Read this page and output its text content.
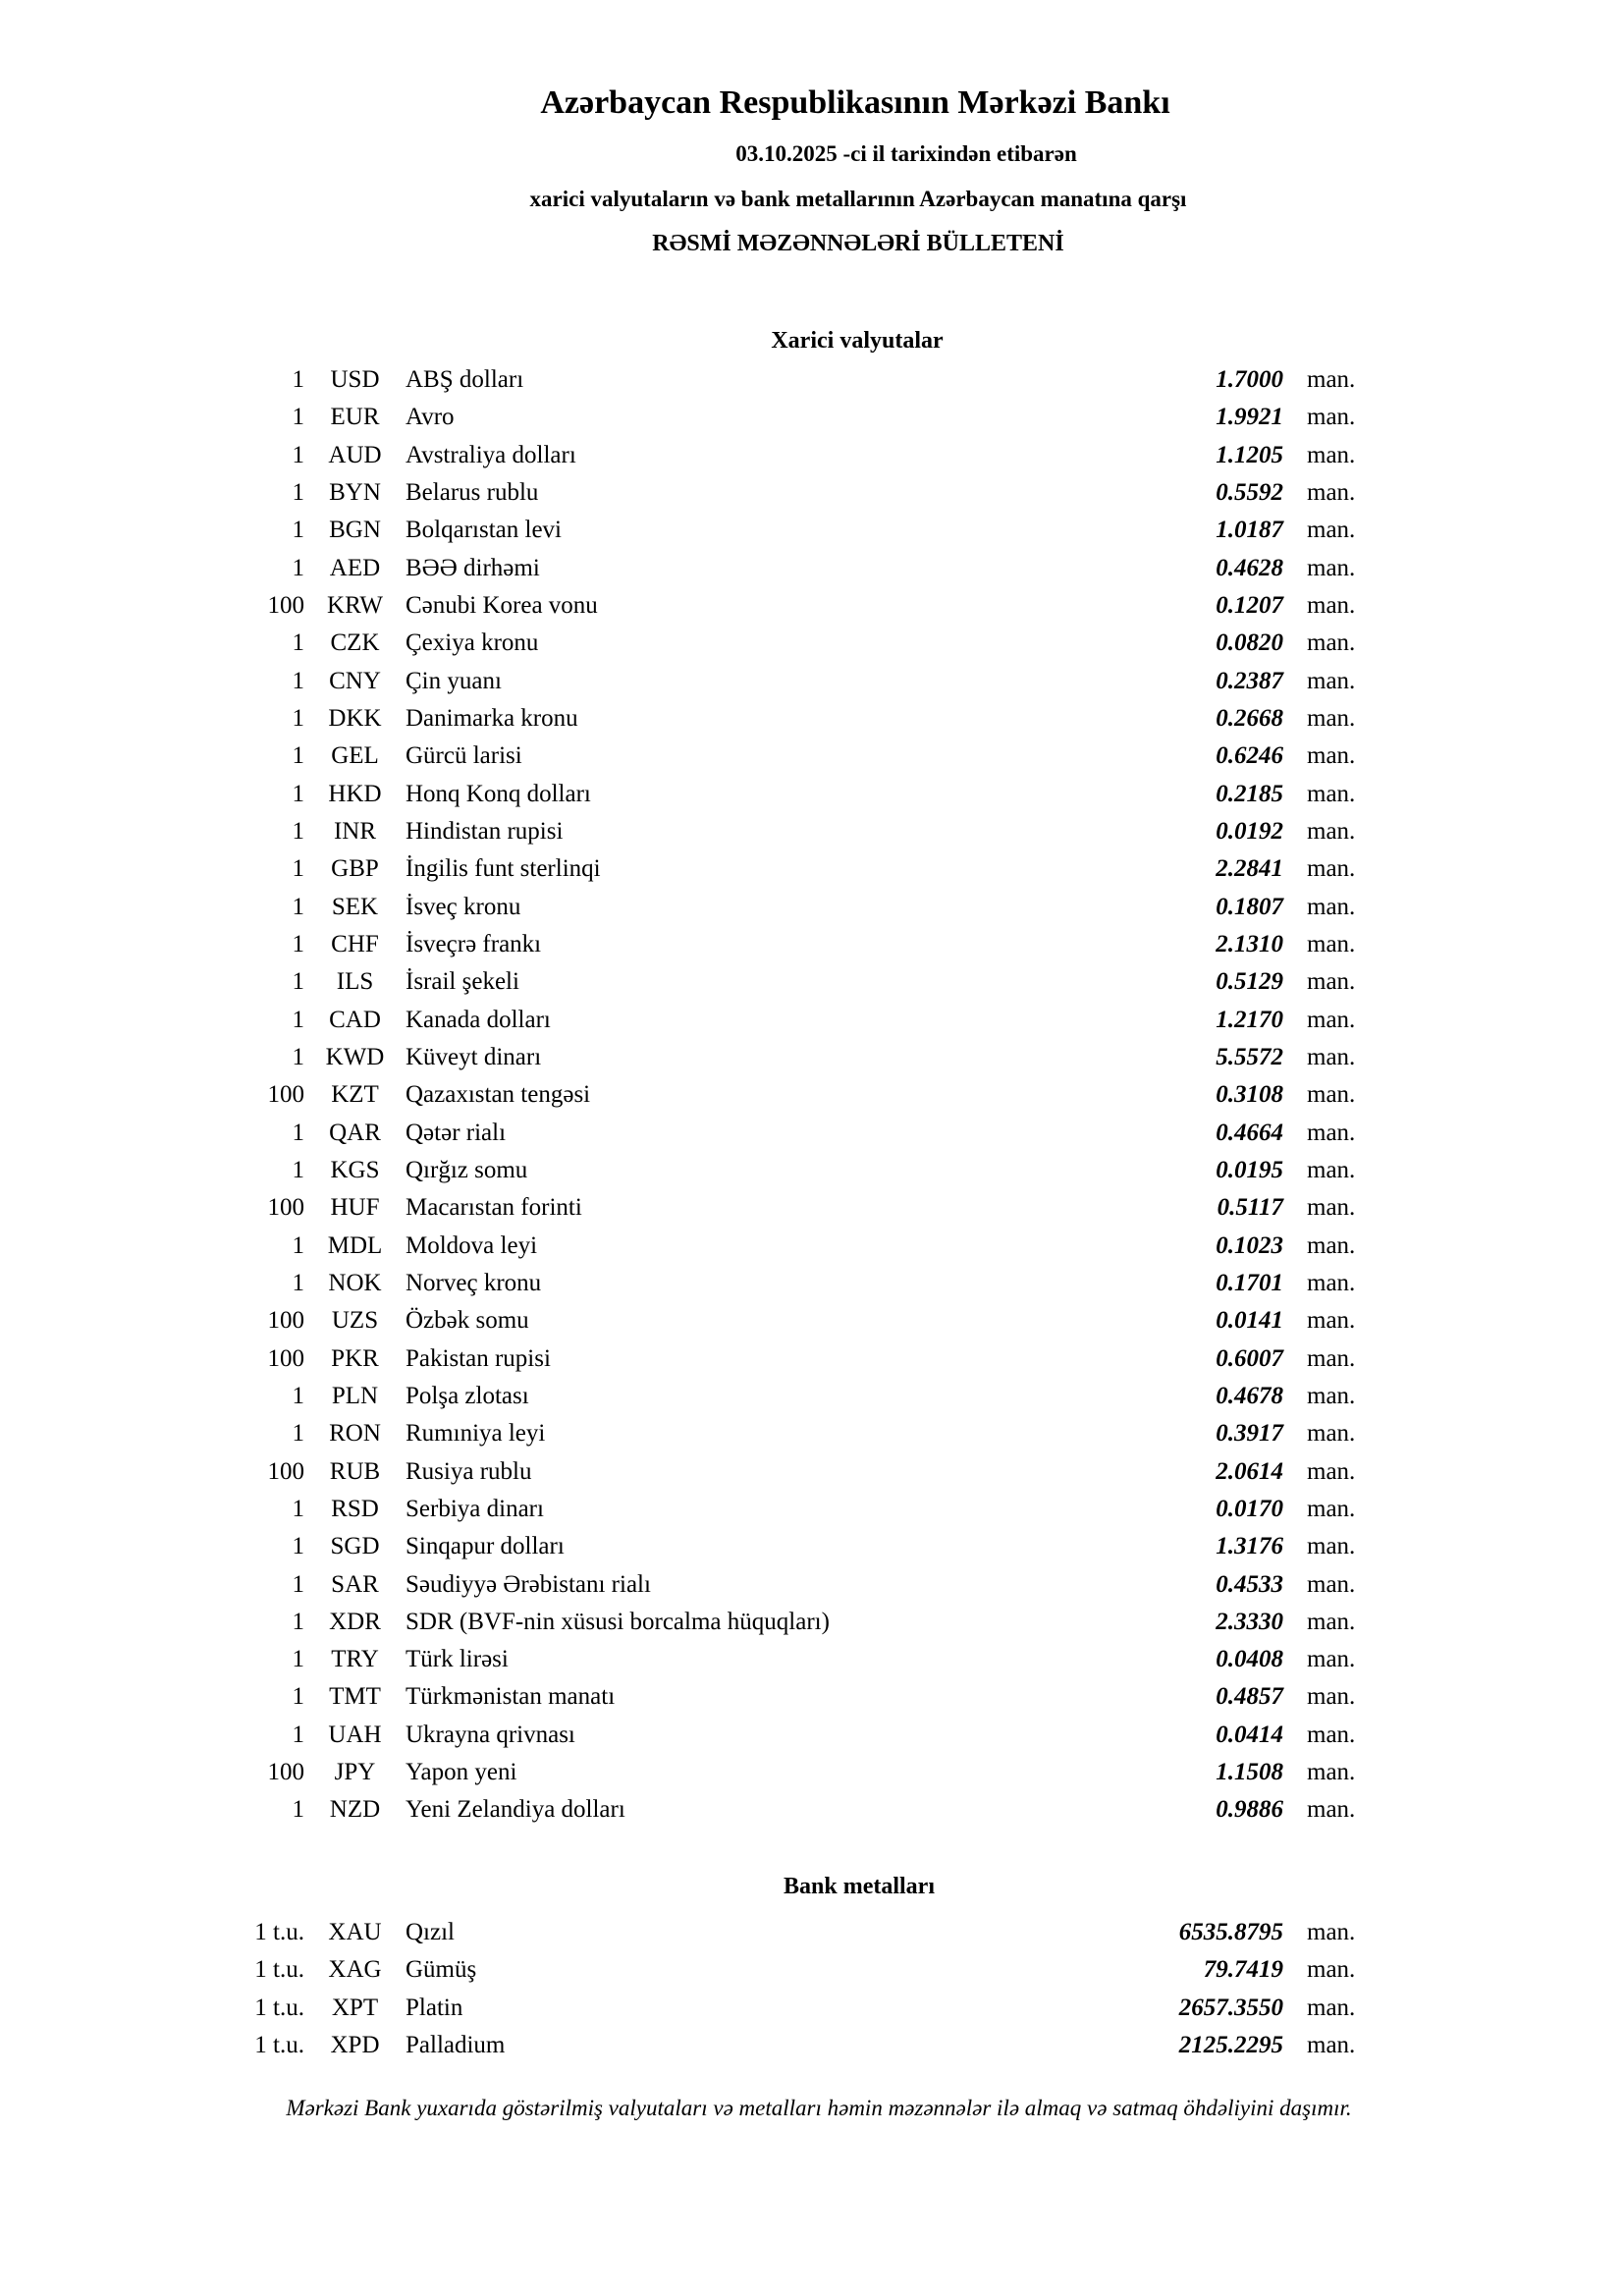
Azərbaycan Respublikasının Mərkəzi Bankı
03.10.2025 -ci il tarixindən etibarən
xarici valyutaların və bank metallarının Azərbaycan manatına qarşı
RƏSMİ MƏZƏNNƏLƏRİ BÜLLETENİ
Xarici valyutalar
1	USD	ABŞ dolları	1.7000 man.
1	EUR	Avro	1.9921 man.
1 AUD Avstraliya dolları	1.1205 man.
1	BYN	Belarus rublu	0.5592 man.
1	BGN	Bolqarıstan levi	1.0187 man.
1	AED	BƏƏ dirhəmi	0.4628 man.
100 KRW Cənubi Korea vonu	0.1207 man.
1	CZK	Çexiya kronu	0.0820 man.
1	CNY	Çin yuanı	0.2387 man.
1 DKK Danimarka kronu	0.2668 man.
1	GEL	Gürcü larisi	0.6246 man.
1 HKD Honq Konq dolları	0.2185 man.
1	INR	Hindistan rupisi	0.0192 man.
1	GBP	İngilis funt sterlinqi	2.2841 man.
1	SEK	İsveç kronu	0.1807 man.
1	CHF	İsveçrə frankı	2.1310 man.
1	ILS	İsrail şekeli	0.5129 man.
1	CAD	Kanada dolları	1.2170 man.
1 KWD Küveyt dinarı	5.5572 man.
100	KZT	Qazaxıstan tengəsi	0.3108 man.
1	QAR	Qətər rialı	0.4664 man.
1	KGS	Qırğız somu	0.0195 man.
100	HUF	Macarıstan forinti	0.5117 man.
1 MDL Moldova leyi	0.1023 man.
1 NOK Norveç kronu	0.1701 man.
100	UZS	Özbək somu	0.0141 man.
100	PKR	Pakistan rupisi	0.6007 man.
1	PLN	Polşa zlotası	0.4678 man.
1	RON	Rumıniya leyi	0.3917 man.
100	RUB	Rusiya rublu	2.0614 man.
1	RSD	Serbiya dinarı	0.0170 man.
1	SGD	Sinqapur dolları	1.3176 man.
1	SAR	Səudiyyə Ərəbistanı rialı	0.4533 man.
1	XDR	SDR (BVF-nin xüsusi borcalma hüquqları)	2.3330 man.
1	TRY	Türk lirəsi	0.0408 man.
1	TMT	Türkmənistan manatı	0.4857 man.
1 UAH Ukrayna qrivnası	0.0414 man.
100	JPY	Yapon yeni	1.1508 man.
1	NZD	Yeni Zelandiya dolları	0.9886 man.
Bank metalları
1 t.u. XAU Qızıl	6535.8795 man.
1 t.u. XAG Gümüş	79.7419 man.
1 t.u.	XPT	Platin	2657.3550 man.
1 t.u.	XPD	Palladium	2125.2295 man.
Mərkəzi Bank yuxarıda göstərilmiş valyutaları və metalları həmin məzənnələr ilə almaq və satmaq öhdəliyini daşımır.
